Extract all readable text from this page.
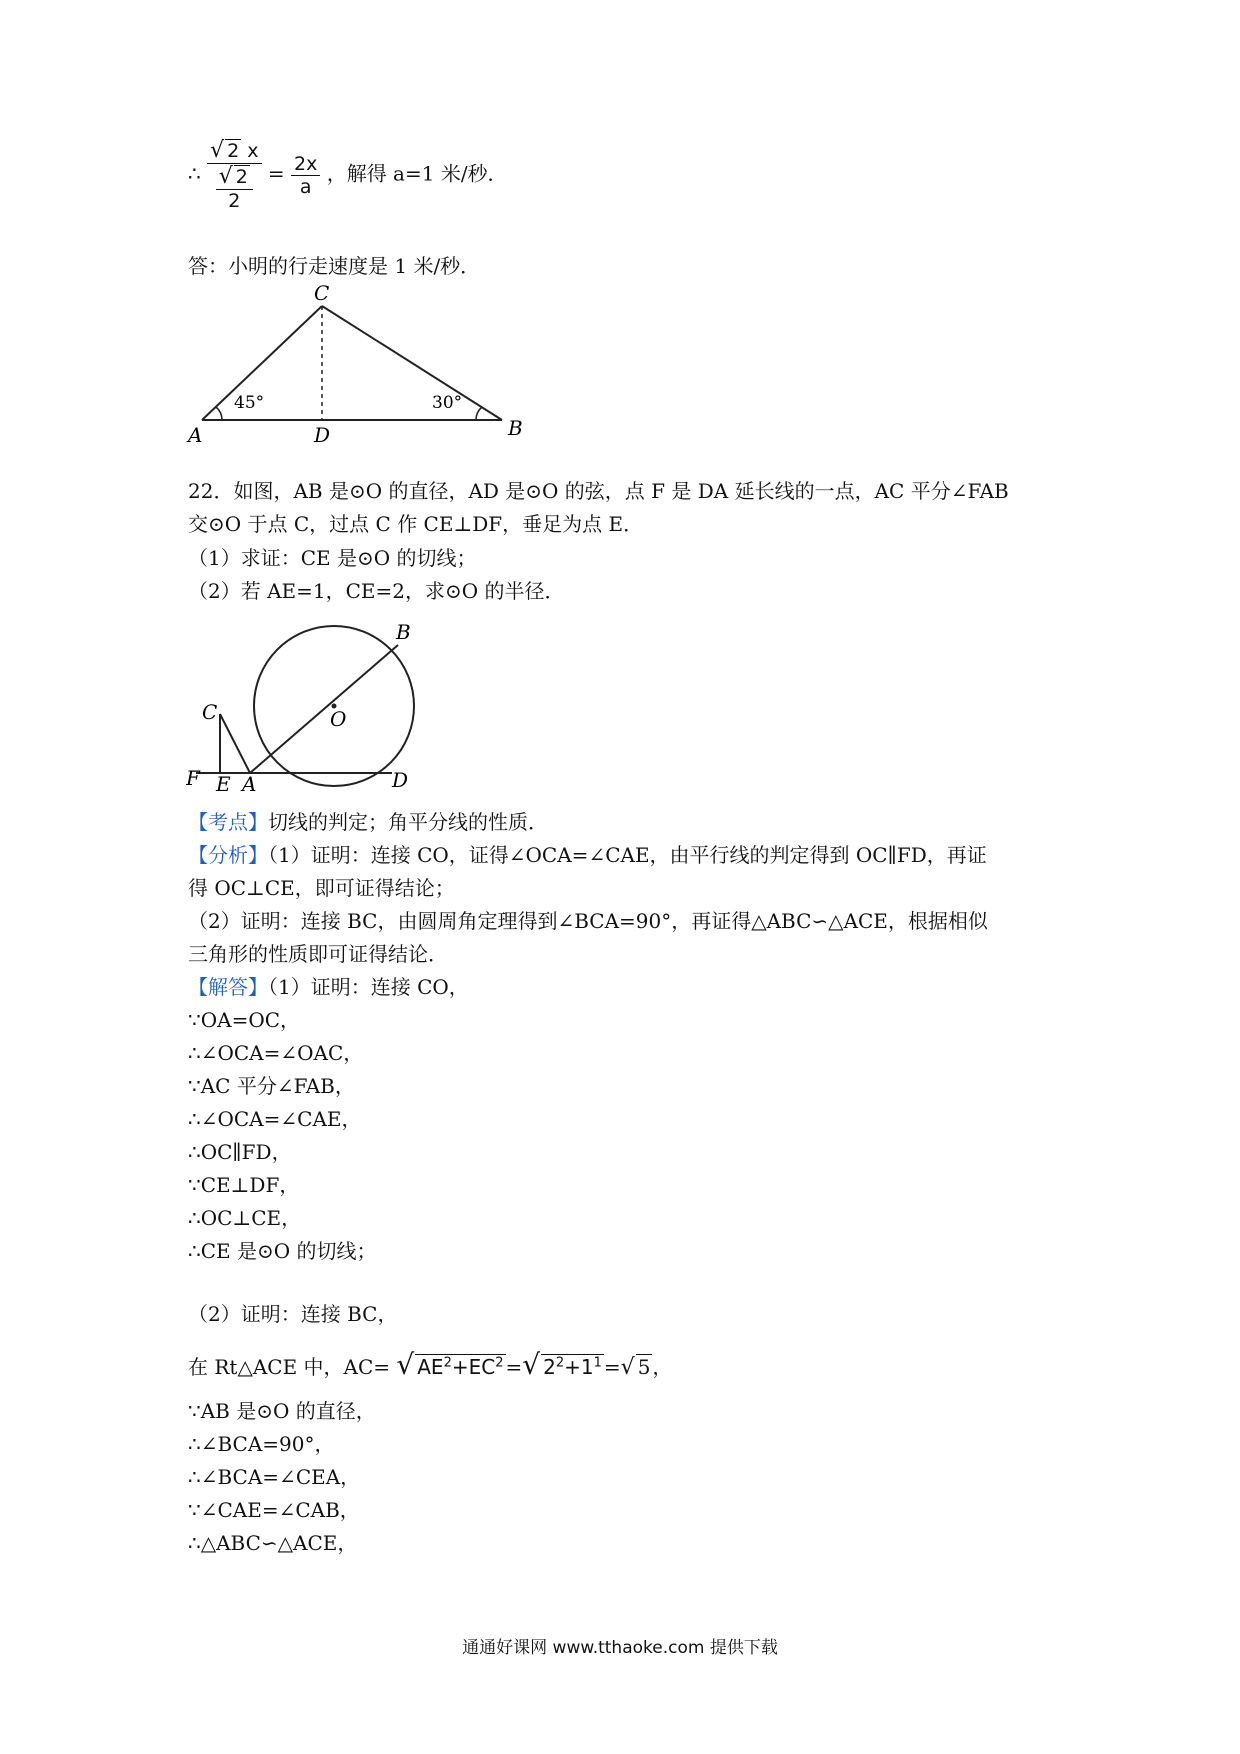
∴ $\frac{√ 2 x}{\frac{√ 2}{2}} = \frac{2x}{a}$ ，解得 a=1 米/秒．
答：小明的行走速度是 1 米/秒．
C
A	D	B
45°	30°
22．如图，AB 是⊙O 的直径，AD 是⊙O 的弦，点 F 是 DA 延长线的一点，AC 平分∠FAB
交⊙O 于点 C，过点 C 作 CE⊥DF，垂足为点 E．
（1）求证：CE 是⊙O 的切线；
（2）若 AE=1，CE=2，求⊙O 的半径．
B
O
C
F E A	D
【考点】切线的判定；角平分线的性质．
【分析】（1）证明：连接 CO，证得∠OCA=∠CAE，由平行线的判定得到 OC∥FD，再证
得 OC⊥CE，即可证得结论；
（2）证明：连接 BC，由圆周角定理得到∠BCA=90°，再证得△ABC∽△ACE，根据相似
三角形的性质即可证得结论．
【解答】（1）证明：连接 CO，
∵OA=OC，
∴∠OCA=∠OAC，
∵AC 平分∠FAB，
∴∠OCA=∠CAE，
∴OC∥FD，
∵CE⊥DF，
∴OC⊥CE，
∴CE 是⊙O 的切线；
（2）证明：连接 BC，
在 Rt△ACE 中，AC= √ $AE^2+EC^2$ =√ $2^2+1^1$ =√ 5 ，
∵AB 是⊙O 的直径，
∴∠BCA=90°，
∴∠BCA=∠CEA，
∵∠CAE=∠CAB，
∴△ABC∽△ACE，
通通好课网 www.tthaoke.com 提供下载
